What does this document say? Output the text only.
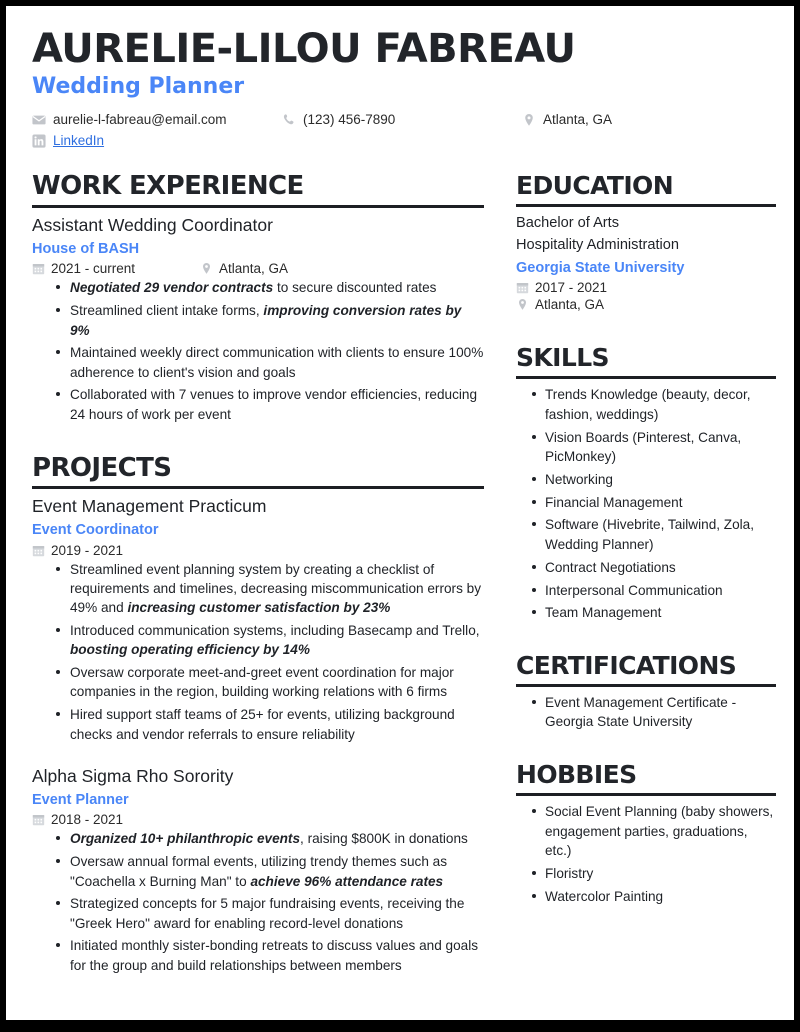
AURELIE-LILOU FABREAU
Wedding Planner
aurelie-l-fabreau@email.com	(123) 456-7890	Atlanta, GA
LinkedIn
WORK EXPERIENCE
Assistant Wedding Coordinator
House of BASH
2021 - current	Atlanta, GA
Negotiated 29 vendor contracts to secure discounted rates
Streamlined client intake forms, improving conversion rates by 9%
Maintained weekly direct communication with clients to ensure 100% adherence to client's vision and goals
Collaborated with 7 venues to improve vendor efficiencies, reducing 24 hours of work per event
PROJECTS
Event Management Practicum
Event Coordinator
2019 - 2021
Streamlined event planning system by creating a checklist of requirements and timelines, decreasing miscommunication errors by 49% and increasing customer satisfaction by 23%
Introduced communication systems, including Basecamp and Trello, boosting operating efficiency by 14%
Oversaw corporate meet-and-greet event coordination for major companies in the region, building working relations with 6 firms
Hired support staff teams of 25+ for events, utilizing background checks and vendor referrals to ensure reliability
Alpha Sigma Rho Sorority
Event Planner
2018 - 2021
Organized 10+ philanthropic events, raising $800K in donations
Oversaw annual formal events, utilizing trendy themes such as "Coachella x Burning Man" to achieve 96% attendance rates
Strategized concepts for 5 major fundraising events, receiving the "Greek Hero" award for enabling record-level donations
Initiated monthly sister-bonding retreats to discuss values and goals for the group and build relationships between members
EDUCATION
Bachelor of Arts
Hospitality Administration
Georgia State University
2017 - 2021
Atlanta, GA
SKILLS
Trends Knowledge (beauty, decor, fashion, weddings)
Vision Boards (Pinterest, Canva, PicMonkey)
Networking
Financial Management
Software (Hivebrite, Tailwind, Zola, Wedding Planner)
Contract Negotiations
Interpersonal Communication
Team Management
CERTIFICATIONS
Event Management Certificate - Georgia State University
HOBBIES
Social Event Planning (baby showers, engagement parties, graduations, etc.)
Floristry
Watercolor Painting
